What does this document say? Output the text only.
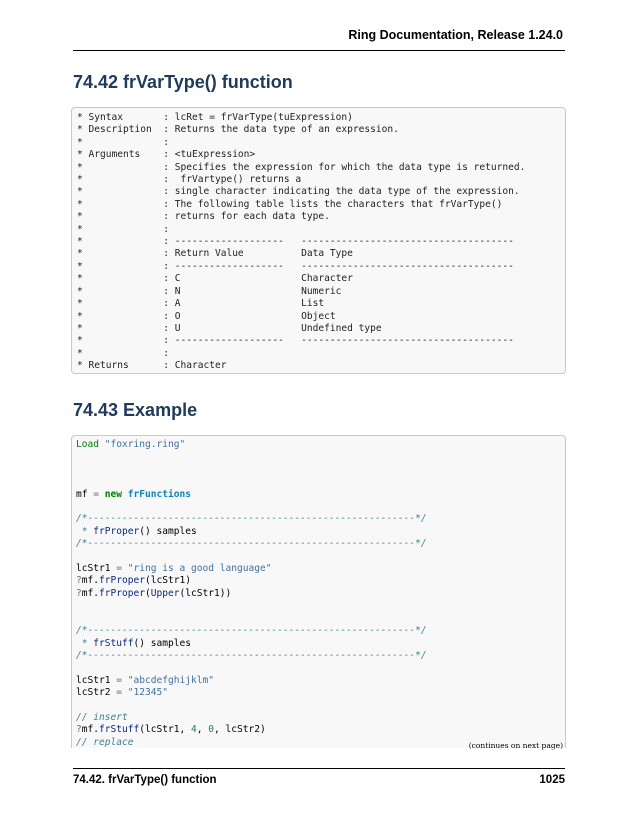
Ring Documentation, Release 1.24.0
74.42 frVarType() function
* Syntax       : lcRet = frVarType(tuExpression)
* Description  : Returns the data type of an expression.
*              :
* Arguments    : <tuExpression>
*              : Specifies the expression for which the data type is returned.
*              :  frVartype() returns a
*              : single character indicating the data type of the expression.
*              : The following table lists the characters that frVarType()
*              : returns for each data type.
*              :
*              : -------------------   -------------------------------------
*              : Return Value          Data Type
*              : -------------------   -------------------------------------
*              : C                     Character
*              : N                     Numeric
*              : A                     List
*              : O                     Object
*              : U                     Undefined type
*              : -------------------   -------------------------------------
*              :
* Returns      : Character
74.43 Example
Load "foxring.ring"

mf = new frFunctions

/*---------------------------------------------------------*/
* frProper() samples
/*---------------------------------------------------------*/

lcStr1 = "ring is a good language"
?mf.frProper(lcStr1)
?mf.frProper(Upper(lcStr1))

/*---------------------------------------------------------*/
* frStuff() samples
/*---------------------------------------------------------*/

lcStr1 = "abcdefghijklm"
lcStr2 = "12345"

// insert
?mf.frStuff(lcStr1, 4, 0, lcStr2)
// replace	(continues on next page)
74.42. frVarType() function	1025
